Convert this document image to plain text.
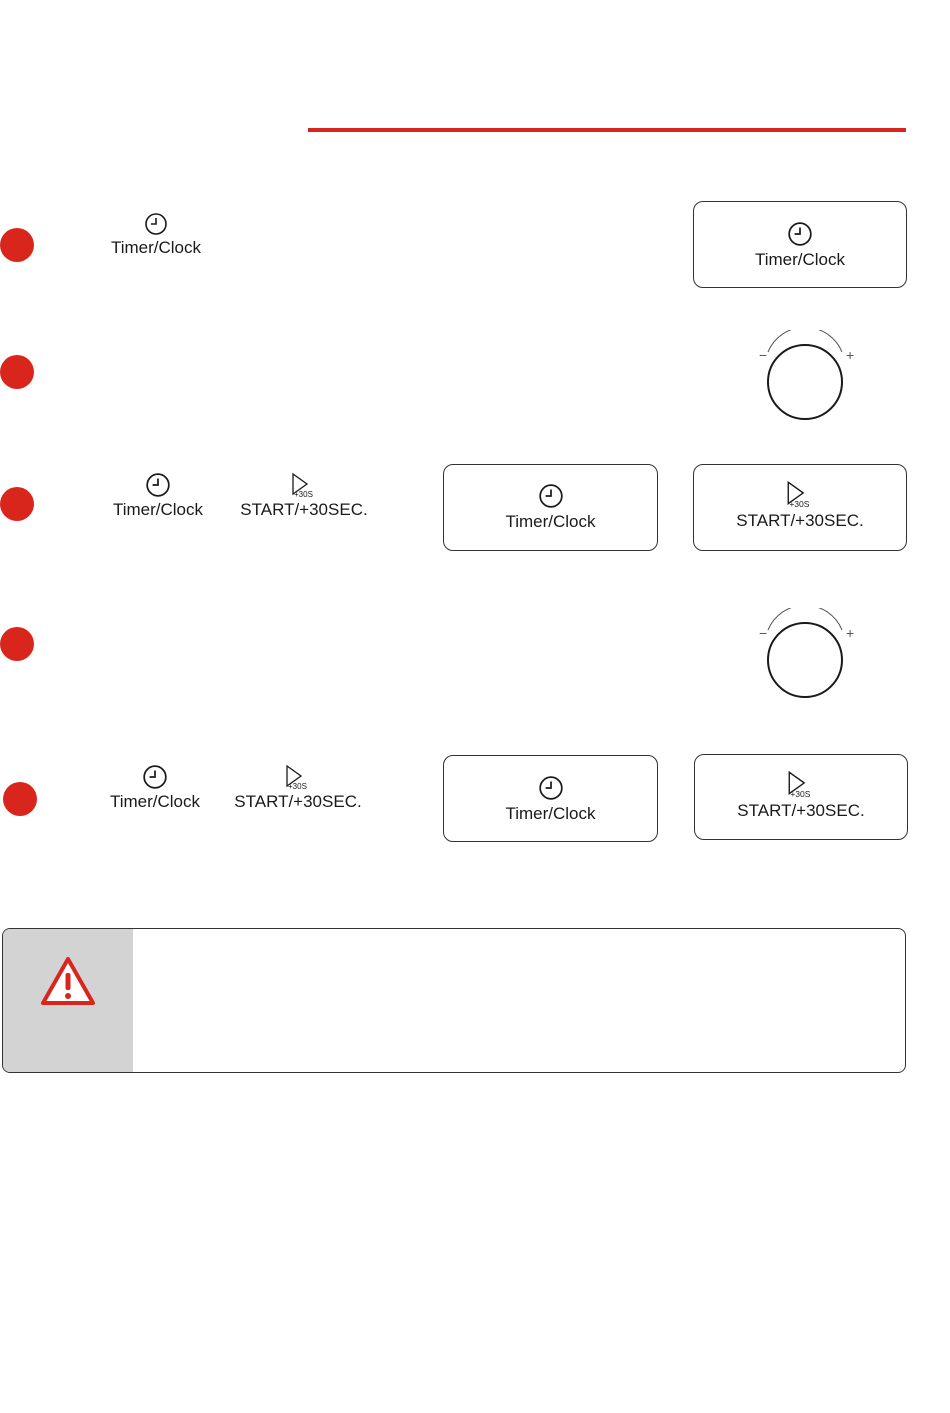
Timer/Clock
Timer/Clock
−	+
Timer/Clock
+30S
START/+30SEC.
Timer/Clock
+30S
START/+30SEC.
−	+
Timer/Clock
+30S
START/+30SEC.
Timer/Clock
+30S
START/+30SEC.
